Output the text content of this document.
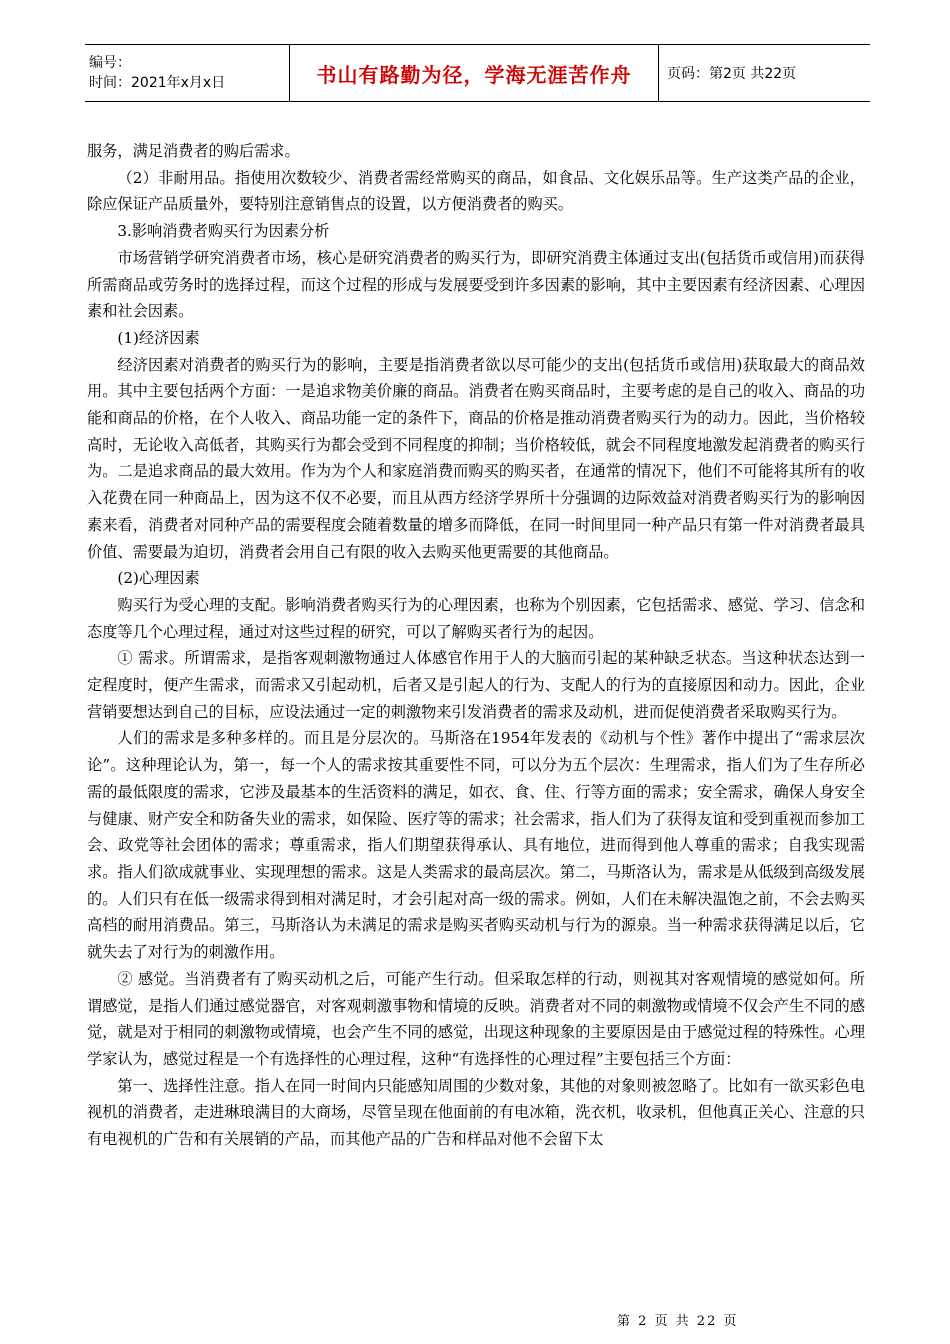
编号：
时间：2021年x月x日	书山有路勤为径，学海无涯苦作舟	页码：第2页 共22页

服务，满足消费者的购后需求。

（2）非耐用品。指使用次数较少、消费者需经常购买的商品，如食品、文化娱乐品等。生产这类产品的企业，除应保证产品质量外，要特别注意销售点的设置，以方便消费者的购买。

3.影响消费者购买行为因素分析

市场营销学研究消费者市场，核心是研究消费者的购买行为，即研究消费主体通过支出(包括货币或信用)而获得所需商品或劳务时的选择过程，而这个过程的形成与发展要受到许多因素的影响，其中主要因素有经济因素、心理因素和社会因素。

(1)经济因素

经济因素对消费者的购买行为的影响，主要是指消费者欲以尽可能少的支出(包括货币或信用)获取最大的商品效用。其中主要包括两个方面：一是追求物美价廉的商品。消费者在购买商品时，主要考虑的是自己的收入、商品的功能和商品的价格，在个人收入、商品功能一定的条件下，商品的价格是推动消费者购买行为的动力。因此，当价格较高时，无论收入高低者，其购买行为都会受到不同程度的抑制；当价格较低，就会不同程度地激发起消费者的购买行为。二是追求商品的最大效用。作为为个人和家庭消费而购买的购买者，在通常的情况下，他们不可能将其所有的收入花费在同一种商品上，因为这不仅不必要，而且从西方经济学界所十分强调的边际效益对消费者购买行为的影响因素来看，消费者对同种产品的需要程度会随着数量的增多而降低，在同一时间里同一种产品只有第一件对消费者最具价值、需要最为迫切，消费者会用自己有限的收入去购买他更需要的其他商品。

(2)心理因素

购买行为受心理的支配。影响消费者购买行为的心理因素，也称为个别因素，它包括需求、感觉、学习、信念和态度等几个心理过程，通过对这些过程的研究，可以了解购买者行为的起因。

① 需求。所谓需求，是指客观刺激物通过人体感官作用于人的大脑而引起的某种缺乏状态。当这种状态达到一定程度时，便产生需求，而需求又引起动机，后者又是引起人的行为、支配人的行为的直接原因和动力。因此，企业营销要想达到自己的目标，应设法通过一定的刺激物来引发消费者的需求及动机，进而促使消费者采取购买行为。

人们的需求是多种多样的。而且是分层次的。马斯洛在1954年发表的《动机与个性》著作中提出了“需求层次论”。这种理论认为，第一，每一个人的需求按其重要性不同，可以分为五个层次：生理需求，指人们为了生存所必需的最低限度的需求，它涉及最基本的生活资料的满足，如衣、食、住、行等方面的需求；安全需求，确保人身安全与健康、财产安全和防备失业的需求，如保险、医疗等的需求；社会需求，指人们为了获得友谊和受到重视而参加工会、政党等社会团体的需求；尊重需求，指人们期望获得承认、具有地位，进而得到他人尊重的需求；自我实现需求。指人们欲成就事业、实现理想的需求。这是人类需求的最高层次。第二，马斯洛认为，需求是从低级到高级发展的。人们只有在低一级需求得到相对满足时，才会引起对高一级的需求。例如，人们在未解决温饱之前，不会去购买高档的耐用消费品。第三，马斯洛认为未满足的需求是购买者购买动机与行为的源泉。当一种需求获得满足以后，它就失去了对行为的刺激作用。

② 感觉。当消费者有了购买动机之后，可能产生行动。但采取怎样的行动，则视其对客观情境的感觉如何。所谓感觉，是指人们通过感觉器官，对客观刺激事物和情境的反映。消费者对不同的刺激物或情境不仅会产生不同的感觉，就是对于相同的刺激物或情境，也会产生不同的感觉，出现这种现象的主要原因是由于感觉过程的特殊性。心理学家认为，感觉过程是一个有选择性的心理过程，这种“有选择性的心理过程”主要包括三个方面：

第一、选择性注意。指人在同一时间内只能感知周围的少数对象，其他的对象则被忽略了。比如有一欲买彩色电视机的消费者，走进琳琅满目的大商场，尽管呈现在他面前的有电冰箱，洗衣机，收录机，但他真正关心、注意的只有电视机的广告和有关展销的产品，而其他产品的广告和样品对他不会留下太

第 2 页 共 22 页
